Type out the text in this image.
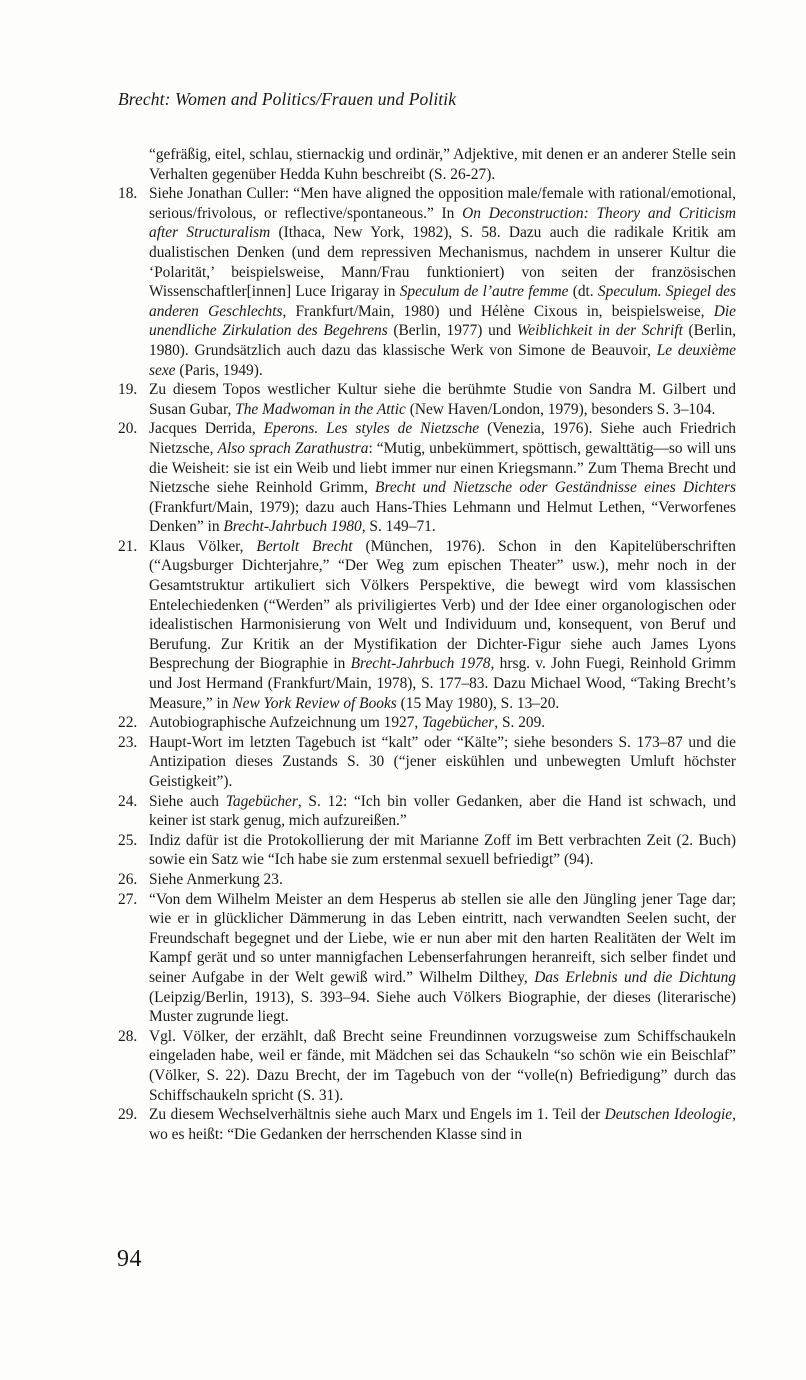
Brecht: Women and Politics/Frauen und Politik

“gefräßig, eitel, schlau, stiernackig und ordinär,” Adjektive, mit denen er an anderer Stelle sein Verhalten gegenüber Hedda Kuhn beschreibt (S. 26-27).

18. Siehe Jonathan Culler: “Men have aligned the opposition male/female with rational/emotional, serious/frivolous, or reflective/spontaneous.” In On Deconstruction: Theory and Criticism after Structuralism (Ithaca, New York, 1982), S. 58. Dazu auch die radikale Kritik am dualistischen Denken (und dem repressiven Mechanismus, nachdem in unserer Kultur die ‘Polarität,’ beispielsweise, Mann/Frau funktioniert) von seiten der französischen Wissenschaftler[innen] Luce Irigaray in Speculum de l’autre femme (dt. Speculum. Spiegel des anderen Geschlechts, Frankfurt/Main, 1980) und Hélène Cixous in, beispielsweise, Die unendliche Zirkulation des Begehrens (Berlin, 1977) und Weiblichkeit in der Schrift (Berlin, 1980). Grundsätzlich auch dazu das klassische Werk von Simone de Beauvoir, Le deuxième sexe (Paris, 1949).
19. Zu diesem Topos westlicher Kultur siehe die berühmte Studie von Sandra M. Gilbert und Susan Gubar, The Madwoman in the Attic (New Haven/London, 1979), besonders S. 3–104.
20. Jacques Derrida, Eperons. Les styles de Nietzsche (Venezia, 1976). Siehe auch Friedrich Nietzsche, Also sprach Zarathustra: “Mutig, unbekümmert, spöttisch, gewalttätig—so will uns die Weisheit: sie ist ein Weib und liebt immer nur einen Kriegsmann.” Zum Thema Brecht und Nietzsche siehe Reinhold Grimm, Brecht und Nietzsche oder Geständnisse eines Dichters (Frankfurt/Main, 1979); dazu auch Hans-Thies Lehmann und Helmut Lethen, “Verworfenes Denken” in Brecht-Jahrbuch 1980, S. 149–71.
21. Klaus Völker, Bertolt Brecht (München, 1976). Schon in den Kapitelüberschriften (“Augsburger Dichterjahre,” “Der Weg zum epischen Theater” usw.), mehr noch in der Gesamtstruktur artikuliert sich Völkers Perspektive, die bewegt wird vom klassischen Entelechiedenken (“Werden” als priviligiertes Verb) und der Idee einer organologischen oder idealistischen Harmonisierung von Welt und Individuum und, konsequent, von Beruf und Berufung. Zur Kritik an der Mystifikation der Dichter-Figur siehe auch James Lyons Besprechung der Biographie in Brecht-Jahrbuch 1978, hrsg. v. John Fuegi, Reinhold Grimm und Jost Hermand (Frankfurt/Main, 1978), S. 177–83. Dazu Michael Wood, “Taking Brecht’s Measure,” in New York Review of Books (15 May 1980), S. 13–20.
22. Autobiographische Aufzeichnung um 1927, Tagebücher, S. 209.
23. Haupt-Wort im letzten Tagebuch ist “kalt” oder “Kälte”; siehe besonders S. 173–87 und die Antizipation dieses Zustands S. 30 (“jener eiskühlen und unbewegten Umluft höchster Geistigkeit”).
24. Siehe auch Tagebücher, S. 12: “Ich bin voller Gedanken, aber die Hand ist schwach, und keiner ist stark genug, mich aufzureißen.”
25. Indiz dafür ist die Protokollierung der mit Marianne Zoff im Bett verbrachten Zeit (2. Buch) sowie ein Satz wie “Ich habe sie zum erstenmal sexuell befriedigt” (94).
26. Siehe Anmerkung 23.
27. “Von dem Wilhelm Meister an dem Hesperus ab stellen sie alle den Jüngling jener Tage dar; wie er in glücklicher Dämmerung in das Leben eintritt, nach verwandten Seelen sucht, der Freundschaft begegnet und der Liebe, wie er nun aber mit den harten Realitäten der Welt im Kampf gerät und so unter mannigfachen Lebenserfahrungen heranreift, sich selber findet und seiner Aufgabe in der Welt gewiß wird.” Wilhelm Dilthey, Das Erlebnis und die Dichtung (Leipzig/Berlin, 1913), S. 393–94. Siehe auch Völkers Biographie, der dieses (literarische) Muster zugrunde liegt.
28. Vgl. Völker, der erzählt, daß Brecht seine Freundinnen vorzugsweise zum Schiffschaukeln eingeladen habe, weil er fände, mit Mädchen sei das Schaukeln “so schön wie ein Beischlaf” (Völker, S. 22). Dazu Brecht, der im Tagebuch von der “volle(n) Befriedigung” durch das Schiffschaukeln spricht (S. 31).
29. Zu diesem Wechselverhältnis siehe auch Marx und Engels im 1. Teil der Deutschen Ideologie, wo es heißt: “Die Gedanken der herrschenden Klasse sind in
94
